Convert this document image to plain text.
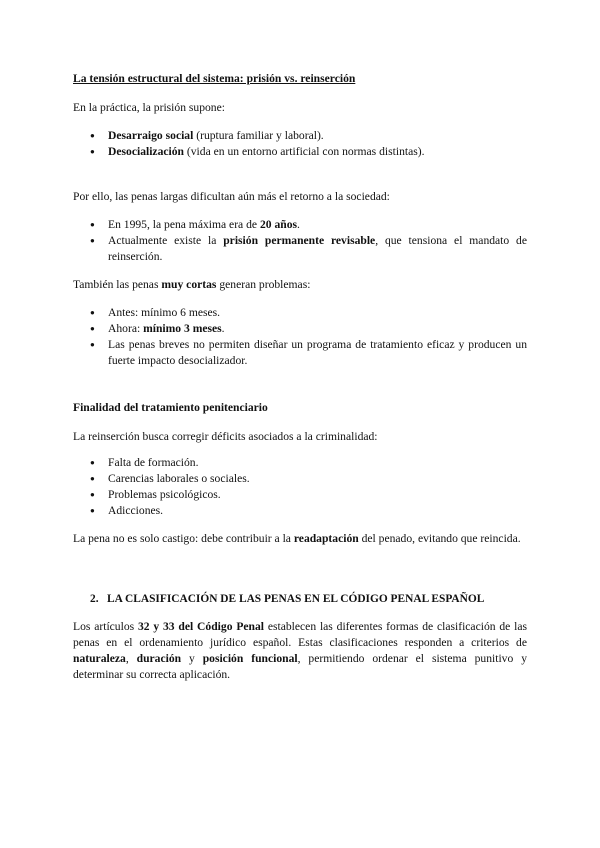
La tensión estructural del sistema: prisión vs. reinserción

En la práctica, la prisión supone:

● Desarraigo social (ruptura familiar y laboral).
● Desocialización (vida en un entorno artificial con normas distintas).

Por ello, las penas largas dificultan aún más el retorno a la sociedad:

● En 1995, la pena máxima era de 20 años.
● Actualmente existe la prisión permanente revisable, que tensiona el mandato de reinserción.

También las penas muy cortas generan problemas:

● Antes: mínimo 6 meses.
● Ahora: mínimo 3 meses.
● Las penas breves no permiten diseñar un programa de tratamiento eficaz y producen un fuerte impacto desocializador.

Finalidad del tratamiento penitenciario

La reinserción busca corregir déficits asociados a la criminalidad:

● Falta de formación.
● Carencias laborales o sociales.
● Problemas psicológicos.
● Adicciones.

La pena no es solo castigo: debe contribuir a la readaptación del penado, evitando que reincida.

2. LA CLASIFICACIÓN DE LAS PENAS EN EL CÓDIGO PENAL ESPAÑOL

Los artículos 32 y 33 del Código Penal establecen las diferentes formas de clasificación de las penas en el ordenamiento jurídico español. Estas clasificaciones responden a criterios de naturaleza, duración y posición funcional, permitiendo ordenar el sistema punitivo y determinar su correcta aplicación.
